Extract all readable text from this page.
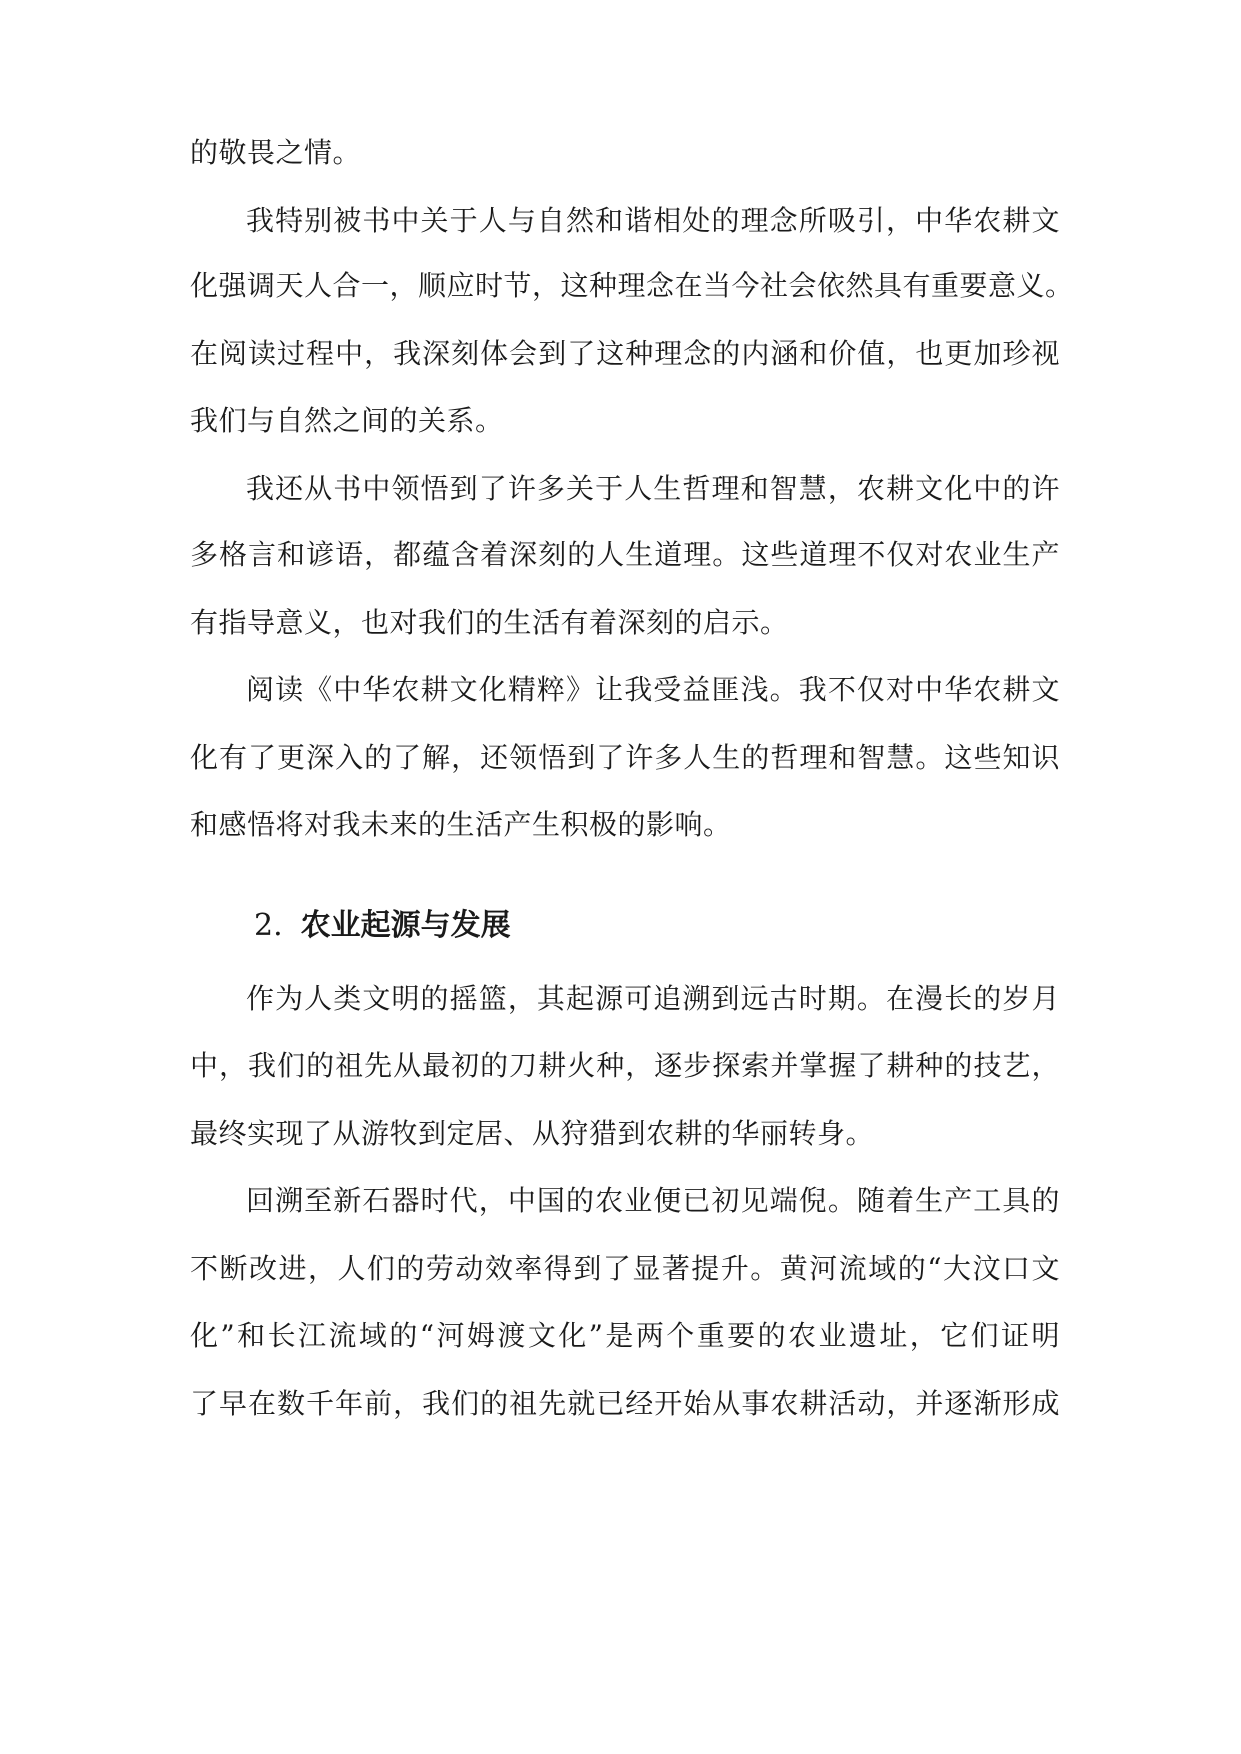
的敬畏之情。
我特别被书中关于人与自然和谐相处的理念所吸引，中华农耕文
化强调天人合一，顺应时节，这种理念在当今社会依然具有重要意义。
在阅读过程中，我深刻体会到了这种理念的内涵和价值，也更加珍视
我们与自然之间的关系。
我还从书中领悟到了许多关于人生哲理和智慧，农耕文化中的许
多格言和谚语，都蕴含着深刻的人生道理。这些道理不仅对农业生产
有指导意义，也对我们的生活有着深刻的启示。
阅读《中华农耕文化精粹》让我受益匪浅。我不仅对中华农耕文
化有了更深入的了解，还领悟到了许多人生的哲理和智慧。这些知识
和感悟将对我未来的生活产生积极的影响。
2. 农业起源与发展
作为人类文明的摇篮，其起源可追溯到远古时期。在漫长的岁月
中，我们的祖先从最初的刀耕火种，逐步探索并掌握了耕种的技艺，
最终实现了从游牧到定居、从狩猎到农耕的华丽转身。
回溯至新石器时代，中国的农业便已初见端倪。随着生产工具的
不断改进，人们的劳动效率得到了显著提升。黄河流域的“大汶口文
化”和长江流域的“河姆渡文化”是两个重要的农业遗址，它们证明
了早在数千年前，我们的祖先就已经开始从事农耕活动，并逐渐形成
